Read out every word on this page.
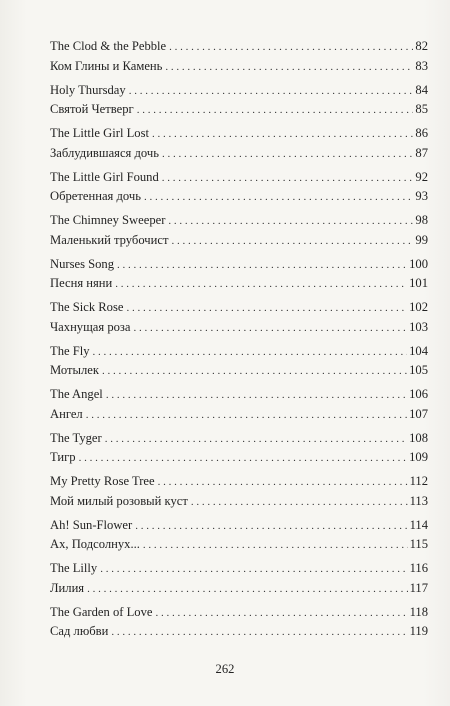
The Clod & the Pebble . . .	82
Ком Глины и Камень . . .	83
Holy Thursday . . .	84
Святой Четверг . . .	85
The Little Girl Lost . . .	86
Заблудившаяся дочь . . .	87
The Little Girl Found . . .	92
Обретенная дочь . . .	93
The Chimney Sweeper . . .	98
Маленький трубочист . . .	99
Nurses Song . . .	100
Песня няни . . .	101
The Sick Rose . . .	102
Чахнущая роза . . .	103
The Fly . . .	104
Мотылек . . .	105
The Angel . . .	106
Ангел . . .	107
The Tyger . . .	108
Тигр . . .	109
My Pretty Rose Tree . . .	112
Мой милый розовый куст . . .	113
Ah! Sun-Flower . . .	114
Ах, Подсолнух... . . .	115
The Lilly . . .	116
Лилия . . .	117
The Garden of Love . . .	118
Сад любви . . .	119
262
